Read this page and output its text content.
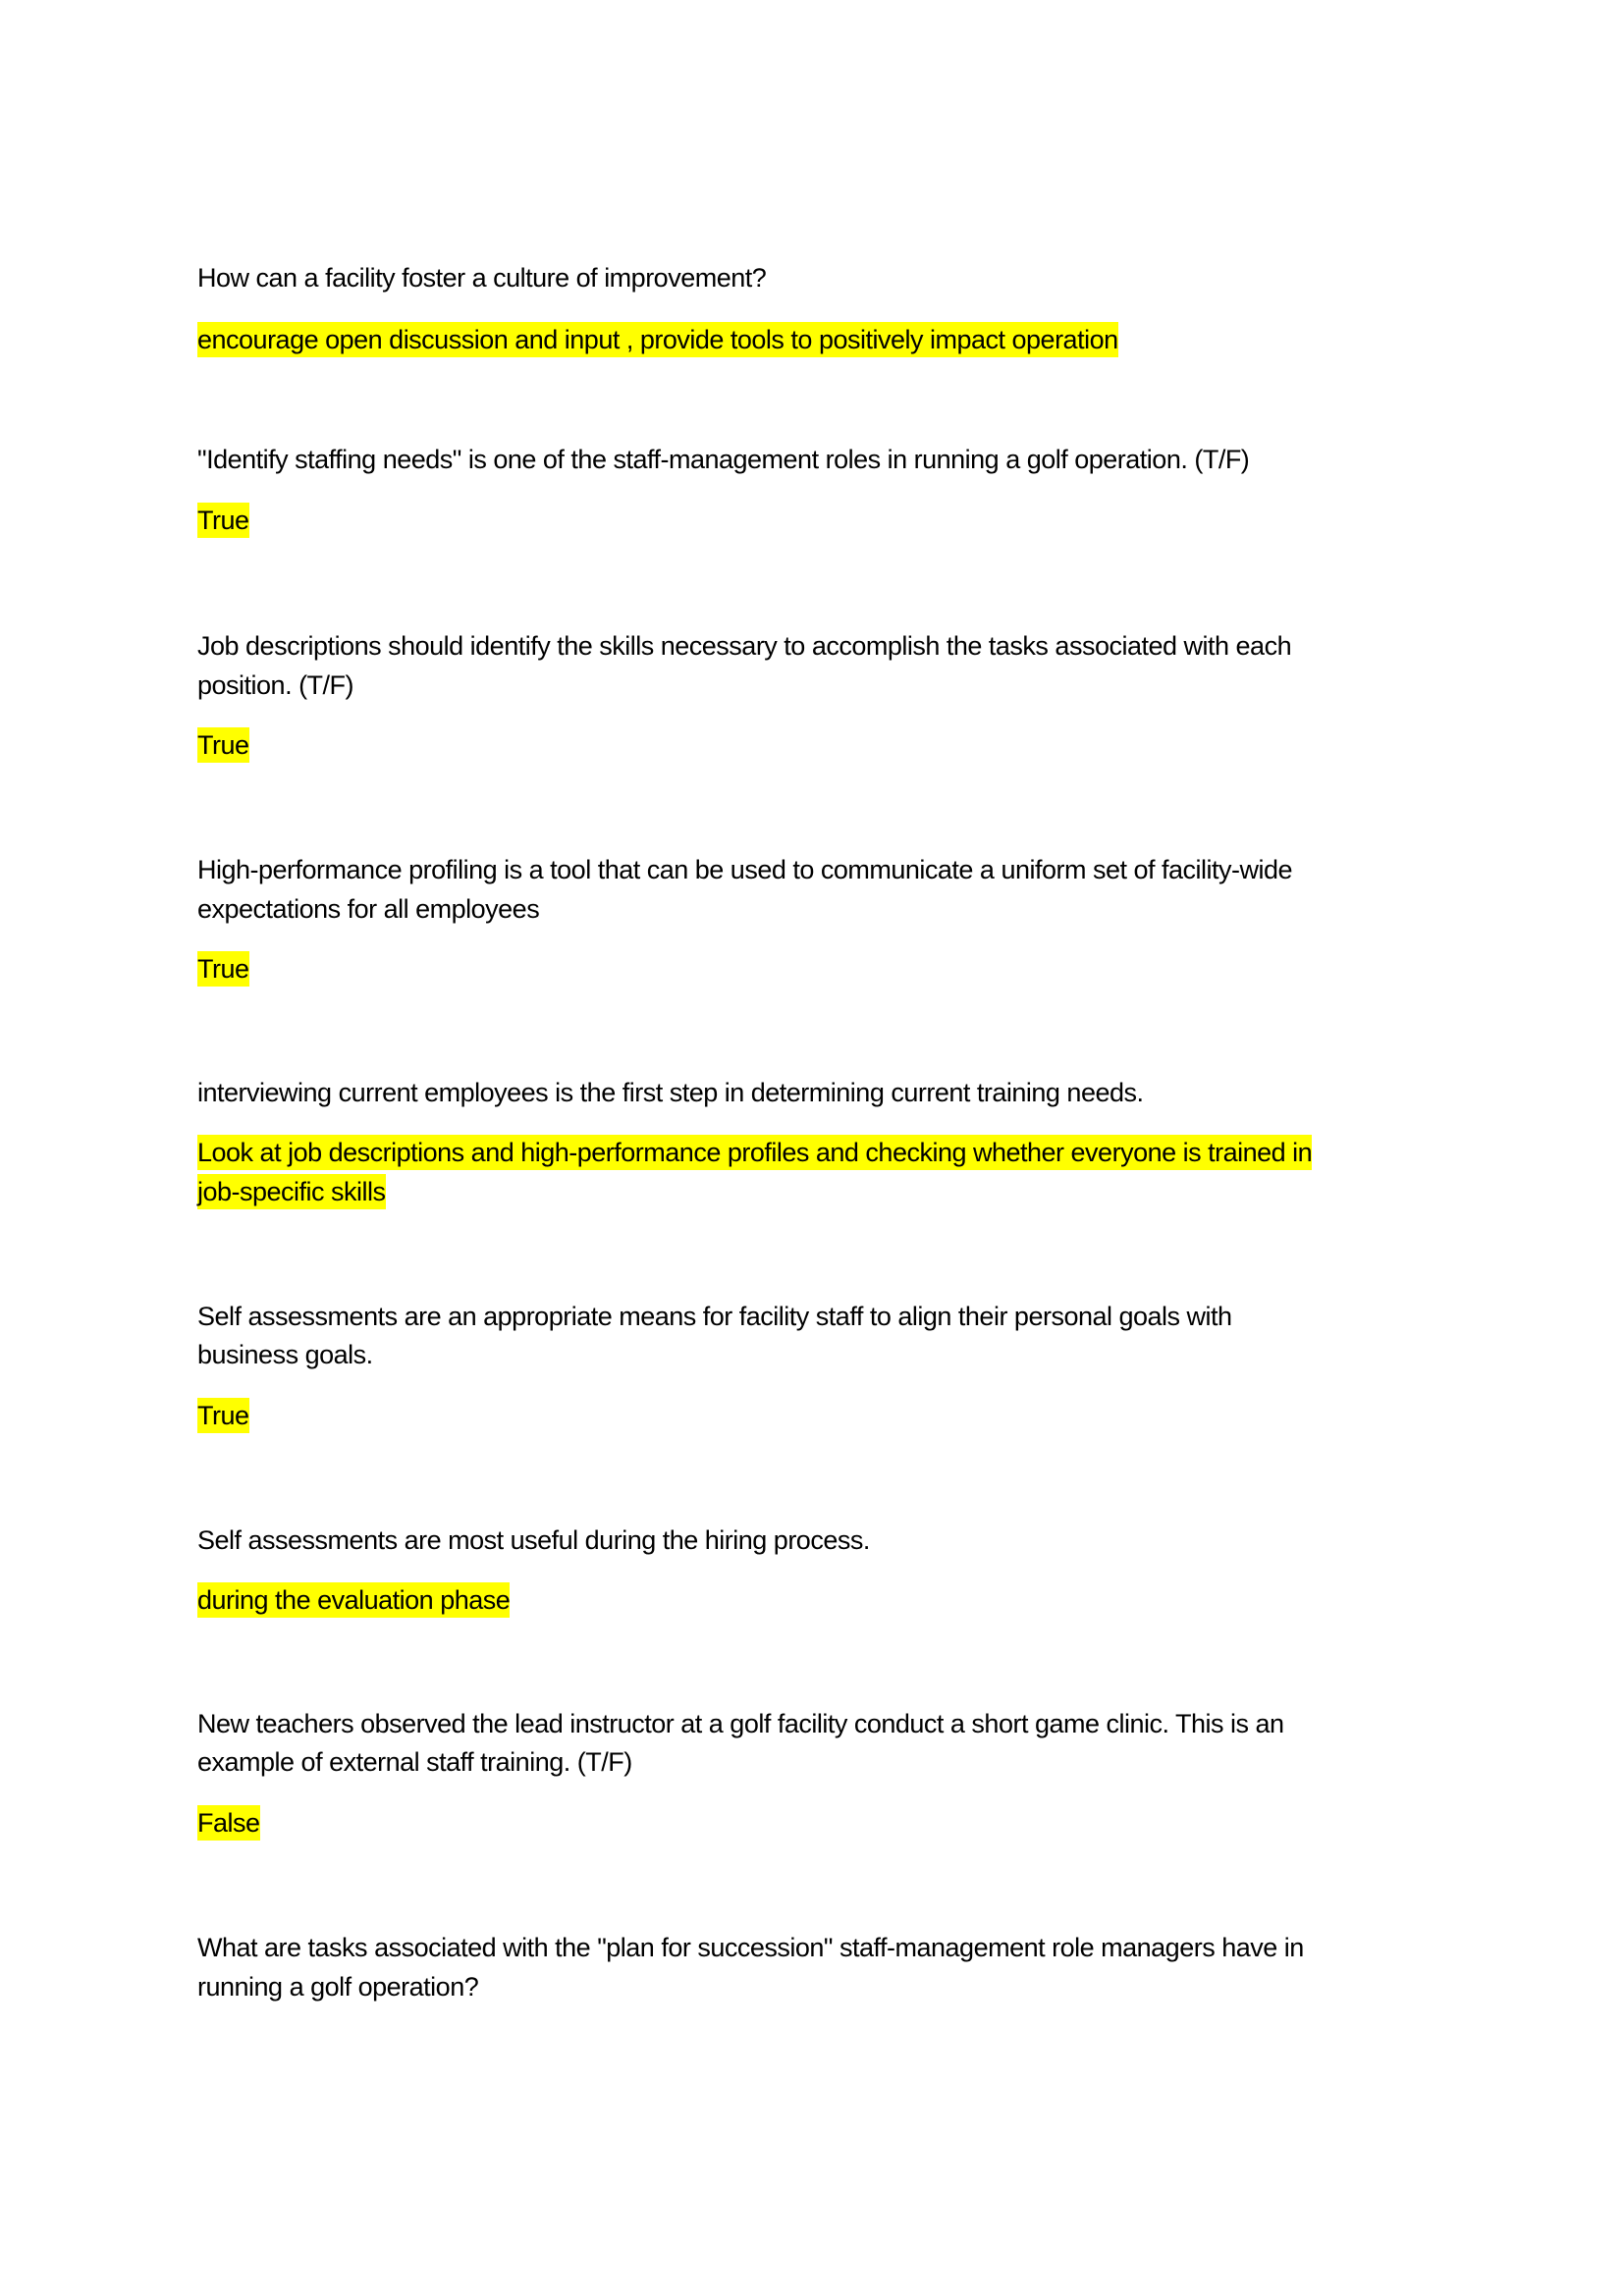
How can a facility foster a culture of improvement?
encourage open discussion and input , provide tools to positively impact operation
"Identify staffing needs" is one of the staff-management roles in running a golf operation. (T/F)
True
Job descriptions should identify the skills necessary to accomplish the tasks associated with each
position. (T/F)
True
High-performance profiling is a tool that can be used to communicate a uniform set of facility-wide
expectations for all employees
True
interviewing current employees is the first step in determining current training needs.
Look at job descriptions and high-performance profiles and checking whether everyone is trained in
job-specific skills
Self assessments are an appropriate means for facility staff to align their personal goals with
business goals.
True
Self assessments are most useful during the hiring process.
during the evaluation phase
New teachers observed the lead instructor at a golf facility conduct a short game clinic. This is an
example of external staff training. (T/F)
False
What are tasks associated with the "plan for succession" staff-management role managers have in
running a golf operation?
